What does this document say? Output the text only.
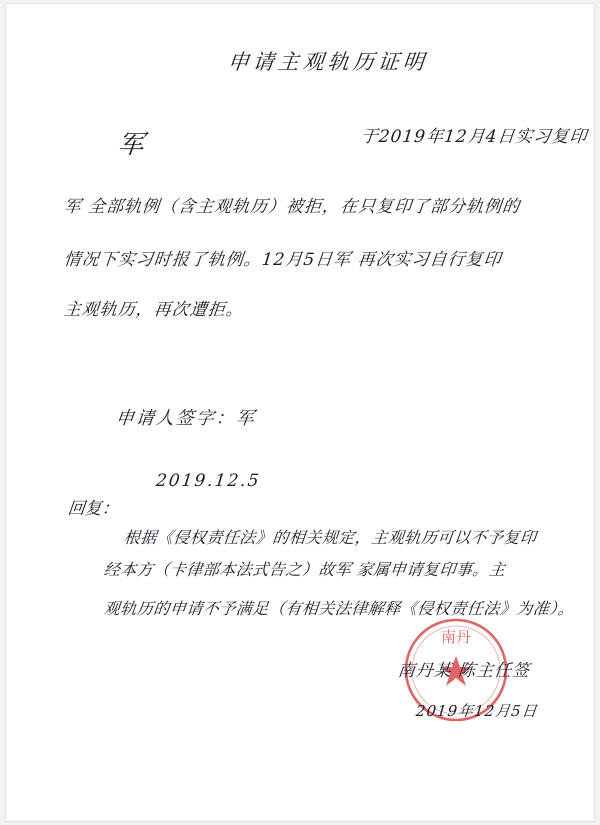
申请主观轨历证明
军	于2019年12月4日实习复印
军 全部轨例（含主观轨历）被拒，在只复印了部分轨例的
情况下实习时报了轨例。12月5日军 再次实习自行复印
主观轨历，再次遭拒。
申请人签字：军
2019.12.5
回复：
根据《侵权责任法》的相关规定，主观轨历可以不予复印
经本方（卡律部本法式告之）故军 家属申请复印事。主
观轨历的申请不予满足（有相关法律解释《侵权责任法》为准）。
南丹
南丹某 陈主任签
2019年12月5日
